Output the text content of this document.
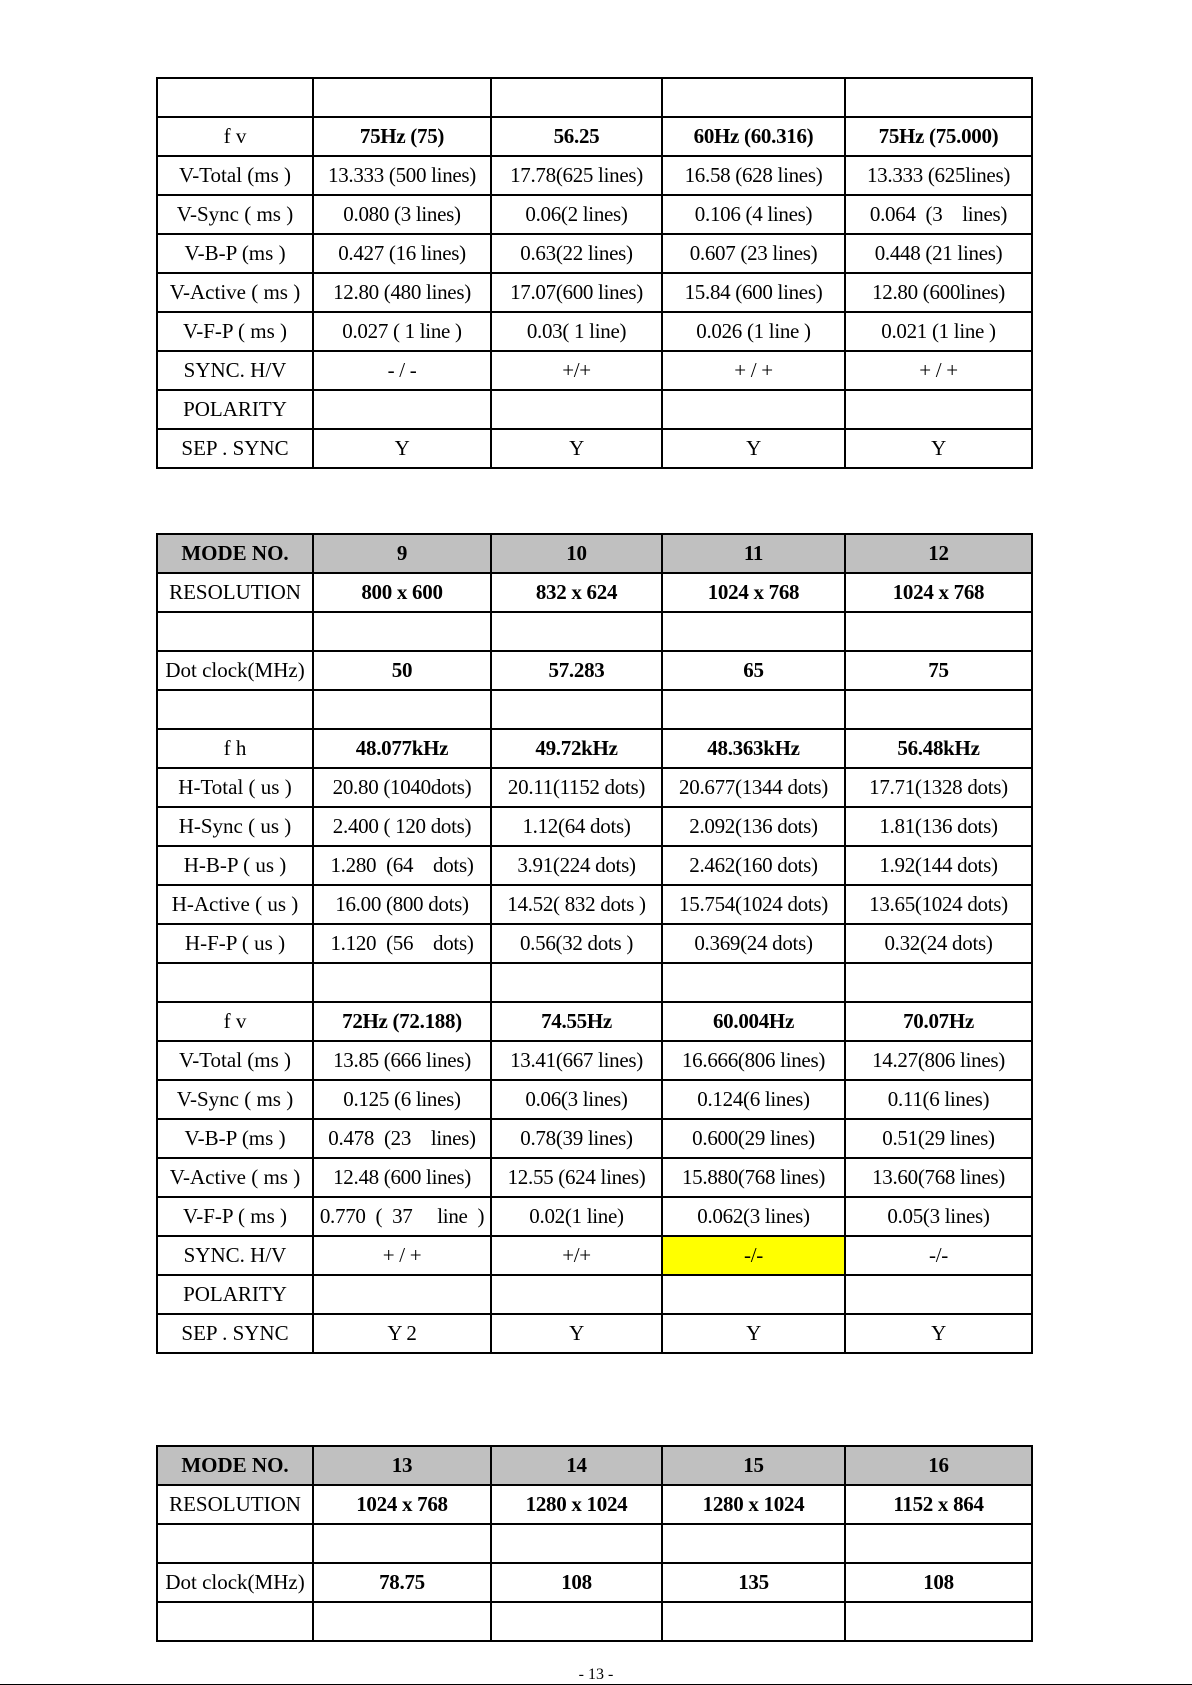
f v	75Hz (75)	56.25	60Hz (60.316)	75Hz (75.000)
V-Total (ms )	13.333 (500 lines)	17.78(625 lines)	16.58 (628 lines)	13.333 (625lines)
V-Sync ( ms )	0.080 (3 lines)	0.06(2 lines)	0.106 (4 lines)	0.064  (3    lines)
V-B-P (ms )	0.427 (16 lines)	0.63(22 lines)	0.607 (23 lines)	0.448 (21 lines)
V-Active ( ms )	12.80 (480 lines)	17.07(600 lines)	15.84 (600 lines)	12.80 (600lines)
V-F-P ( ms )	0.027 ( 1 line )	0.03( 1 line)	0.026 (1 line )	0.021 (1 line )
SYNC. H/V	- / -	+/+	+ / +	+ / +
POLARITY				
SEP . SYNC	Y	Y	Y	Y
MODE NO.	9	10	11	12
RESOLUTION	800 x 600	832 x 624	1024 x 768	1024 x 768

Dot clock(MHz)	50	57.283	65	75

f h	48.077kHz	49.72kHz	48.363kHz	56.48kHz
H-Total ( us )	20.80 (1040dots)	20.11(1152 dots)	20.677(1344 dots)	17.71(1328 dots)
H-Sync ( us )	2.400 ( 120 dots)	1.12(64 dots)	2.092(136 dots)	1.81(136 dots)
H-B-P ( us )	1.280  (64    dots)	3.91(224 dots)	2.462(160 dots)	1.92(144 dots)
H-Active ( us )	16.00 (800 dots)	14.52( 832 dots )	15.754(1024 dots)	13.65(1024 dots)
H-F-P ( us )	1.120  (56    dots)	0.56(32 dots )	0.369(24 dots)	0.32(24 dots)

f v	72Hz (72.188)	74.55Hz	60.004Hz	70.07Hz
V-Total (ms )	13.85 (666 lines)	13.41(667 lines)	16.666(806 lines)	14.27(806 lines)
V-Sync ( ms )	0.125 (6 lines)	0.06(3 lines)	0.124(6 lines)	0.11(6 lines)
V-B-P (ms )	0.478  (23    lines)	0.78(39 lines)	0.600(29 lines)	0.51(29 lines)
V-Active ( ms )	12.48 (600 lines)	12.55 (624 lines)	15.880(768 lines)	13.60(768 lines)
V-F-P ( ms )	0.770  (  37     line  )	0.02(1 line)	0.062(3 lines)	0.05(3 lines)
SYNC. H/V	+ / +	+/+	-/-	-/-
POLARITY				
SEP . SYNC	Y 2	Y	Y	Y
MODE NO.	13	14	15	16
RESOLUTION	1024 x 768	1280 x 1024	1280 x 1024	1152 x 864

Dot clock(MHz)	78.75	108	135	108

- 13 -
